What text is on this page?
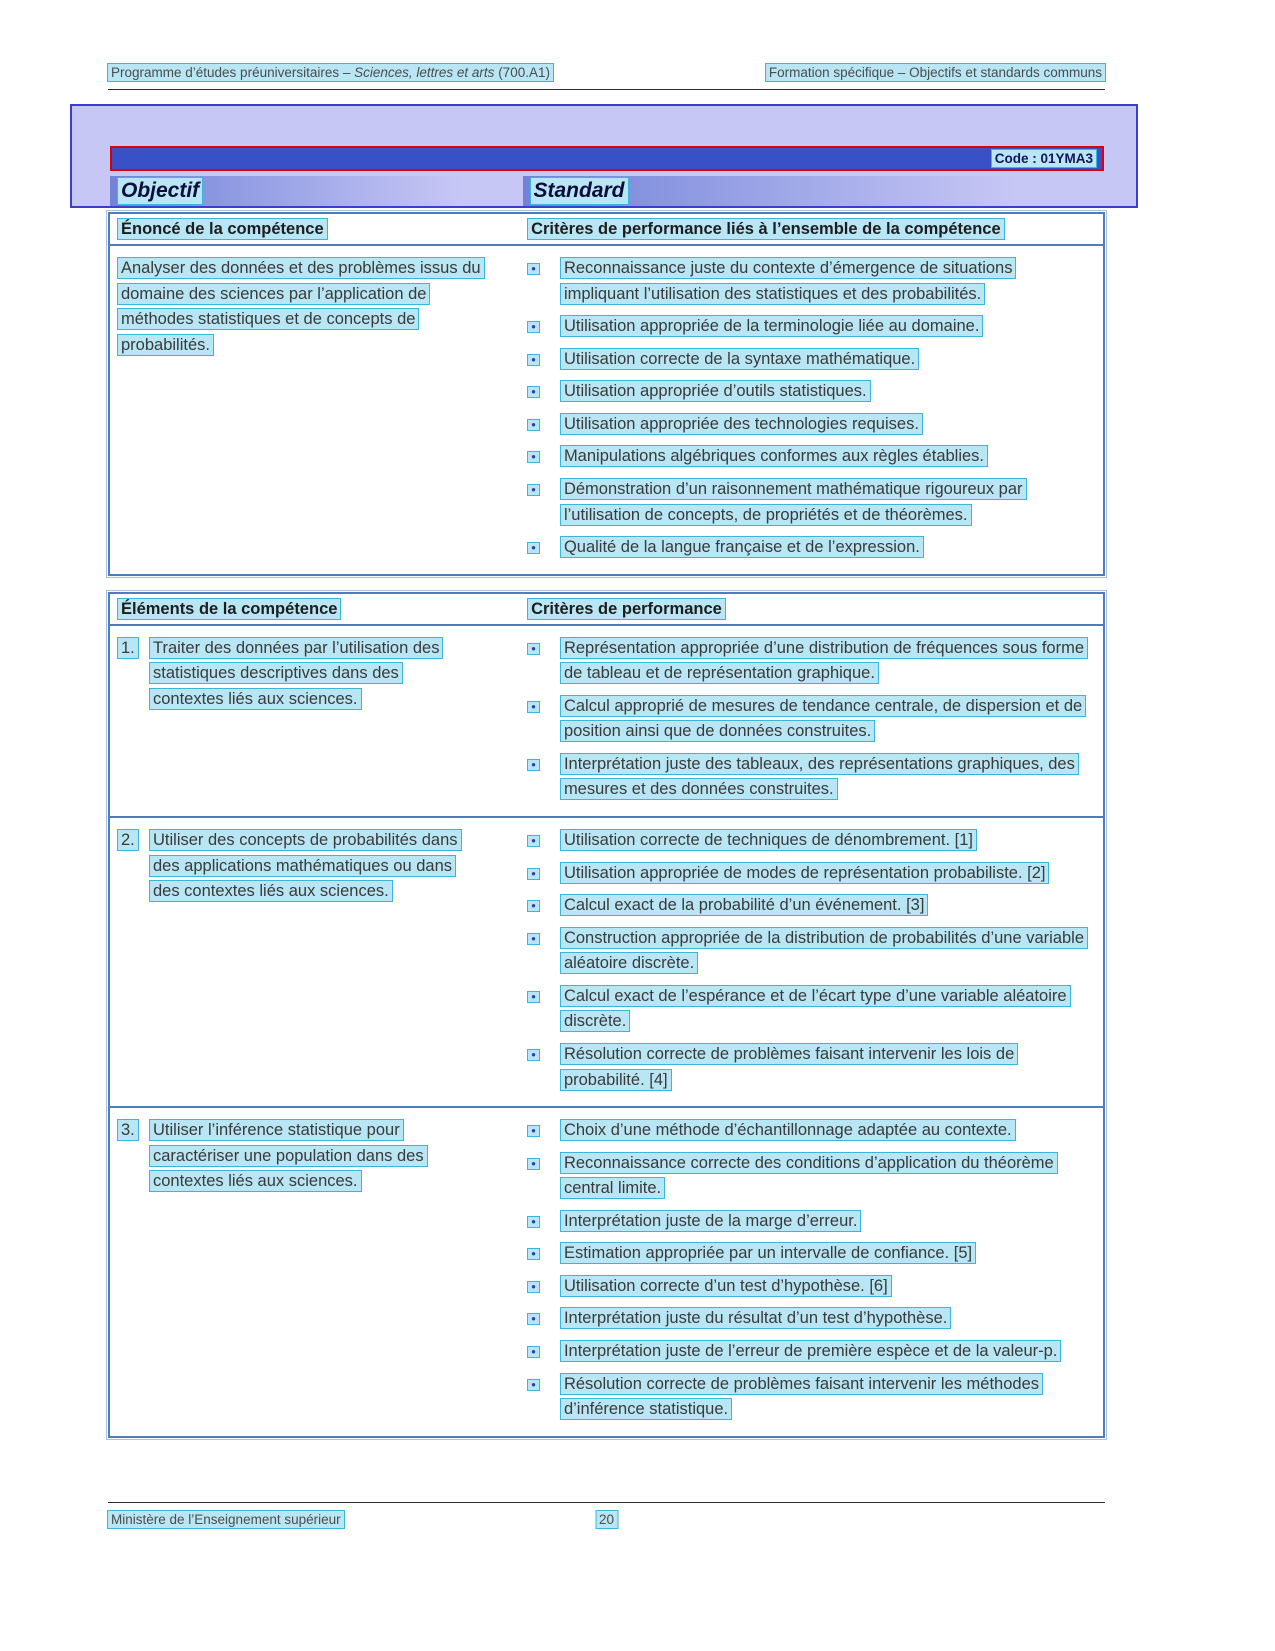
Programme d’études préuniversitaires – Sciences, lettres et arts (700.A1)	Formation spécifique – Objectifs et standards communs
Code : 01YMA3
Objectif	Standard
Énoncé de la compétence	Critères de performance liés à l’ensemble de la compétence
Analyser des données et des problèmes issus du domaine des sciences par l’application de méthodes statistiques et de concepts de probabilités.
● Reconnaissance juste du contexte d’émergence de situations impliquant l’utilisation des statistiques et des probabilités.
● Utilisation appropriée de la terminologie liée au domaine.
● Utilisation correcte de la syntaxe mathématique.
● Utilisation appropriée d’outils statistiques.
● Utilisation appropriée des technologies requises.
● Manipulations algébriques conformes aux règles établies.
● Démonstration d’un raisonnement mathématique rigoureux par l’utilisation de concepts, de propriétés et de théorèmes.
● Qualité de la langue française et de l’expression.
Éléments de la compétence	Critères de performance
1.	Traiter des données par l’utilisation des statistiques descriptives dans des contextes liés aux sciences.
● Représentation appropriée d’une distribution de fréquences sous forme de tableau et de représentation graphique.
● Calcul approprié de mesures de tendance centrale, de dispersion et de position ainsi que de données construites.
● Interprétation juste des tableaux, des représentations graphiques, des mesures et des données construites.
2.	Utiliser des concepts de probabilités dans des applications mathématiques ou dans des contextes liés aux sciences.
● Utilisation correcte de techniques de dénombrement. [1]
● Utilisation appropriée de modes de représentation probabiliste. [2]
● Calcul exact de la probabilité d’un événement. [3]
● Construction appropriée de la distribution de probabilités d’une variable aléatoire discrète.
● Calcul exact de l’espérance et de l’écart type d’une variable aléatoire discrète.
● Résolution correcte de problèmes faisant intervenir les lois de probabilité. [4]
3.	Utiliser l’inférence statistique pour caractériser une population dans des contextes liés aux sciences.
● Choix d’une méthode d’échantillonnage adaptée au contexte.
● Reconnaissance correcte des conditions d’application du théorème central limite.
● Interprétation juste de la marge d’erreur.
● Estimation appropriée par un intervalle de confiance. [5]
● Utilisation correcte d’un test d’hypothèse. [6]
● Interprétation juste du résultat d’un test d’hypothèse.
● Interprétation juste de l’erreur de première espèce et de la valeur-p.
● Résolution correcte de problèmes faisant intervenir les méthodes d’inférence statistique.
Ministère de l’Enseignement supérieur	20
